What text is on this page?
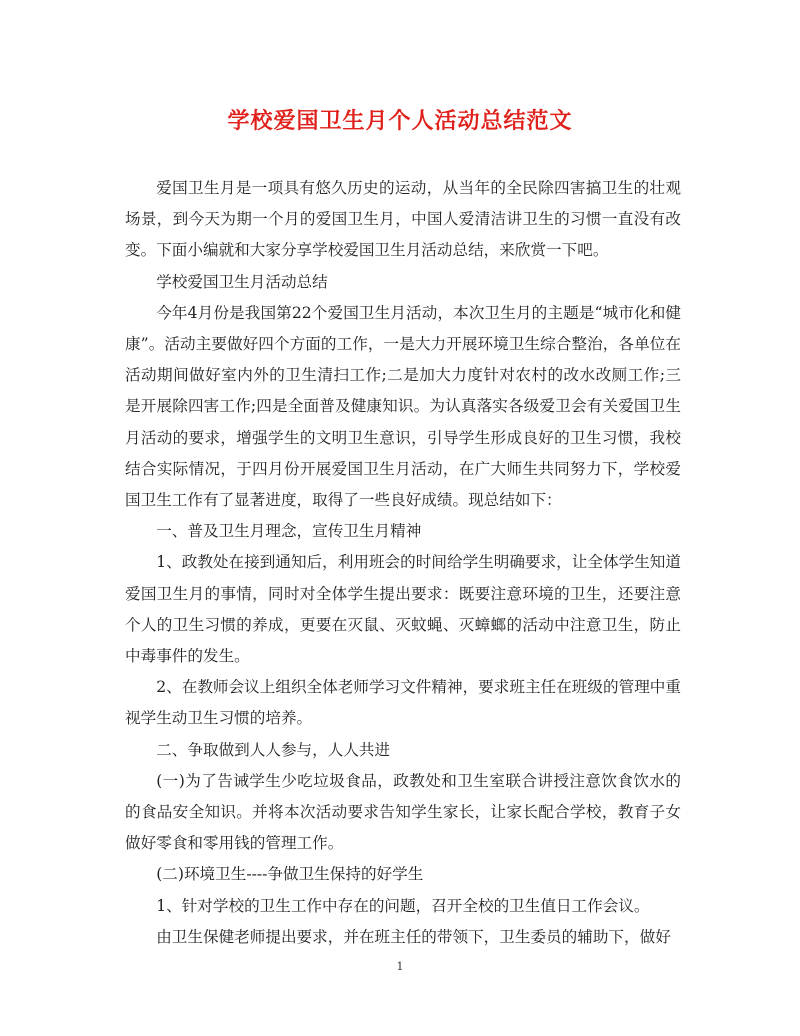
学校爱国卫生月个人活动总结范文

爱国卫生月是一项具有悠久历史的运动，从当年的全民除四害搞卫生的壮观场景，到今天为期一个月的爱国卫生月，中国人爱清洁讲卫生的习惯一直没有改变。下面小编就和大家分享学校爱国卫生月活动总结，来欣赏一下吧。

学校爱国卫生月活动总结

今年4月份是我国第22个爱国卫生月活动，本次卫生月的主题是“城市化和健康”。活动主要做好四个方面的工作，一是大力开展环境卫生综合整治，各单位在活动期间做好室内外的卫生清扫工作;二是加大力度针对农村的改水改厕工作;三是开展除四害工作;四是全面普及健康知识。为认真落实各级爱卫会有关爱国卫生月活动的要求，增强学生的文明卫生意识，引导学生形成良好的卫生习惯，我校结合实际情况，于四月份开展爱国卫生月活动，在广大师生共同努力下，学校爱国卫生工作有了显著进度，取得了一些良好成绩。现总结如下：

一、普及卫生月理念，宣传卫生月精神

1、政教处在接到通知后，利用班会的时间给学生明确要求，让全体学生知道爱国卫生月的事情，同时对全体学生提出要求：既要注意环境的卫生，还要注意个人的卫生习惯的养成，更要在灭鼠、灭蚊蝇、灭蟑螂的活动中注意卫生，防止中毒事件的发生。

2、在教师会议上组织全体老师学习文件精神，要求班主任在班级的管理中重视学生动卫生习惯的培养。

二、争取做到人人参与，人人共进

(一)为了告诫学生少吃垃圾食品，政教处和卫生室联合讲授注意饮食饮水的的食品安全知识。并将本次活动要求告知学生家长，让家长配合学校，教育子女做好零食和零用钱的管理工作。

(二)环境卫生----争做卫生保持的好学生

1、针对学校的卫生工作中存在的问题，召开全校的卫生值日工作会议。

由卫生保健老师提出要求，并在班主任的带领下，卫生委员的辅助下，做好

1
